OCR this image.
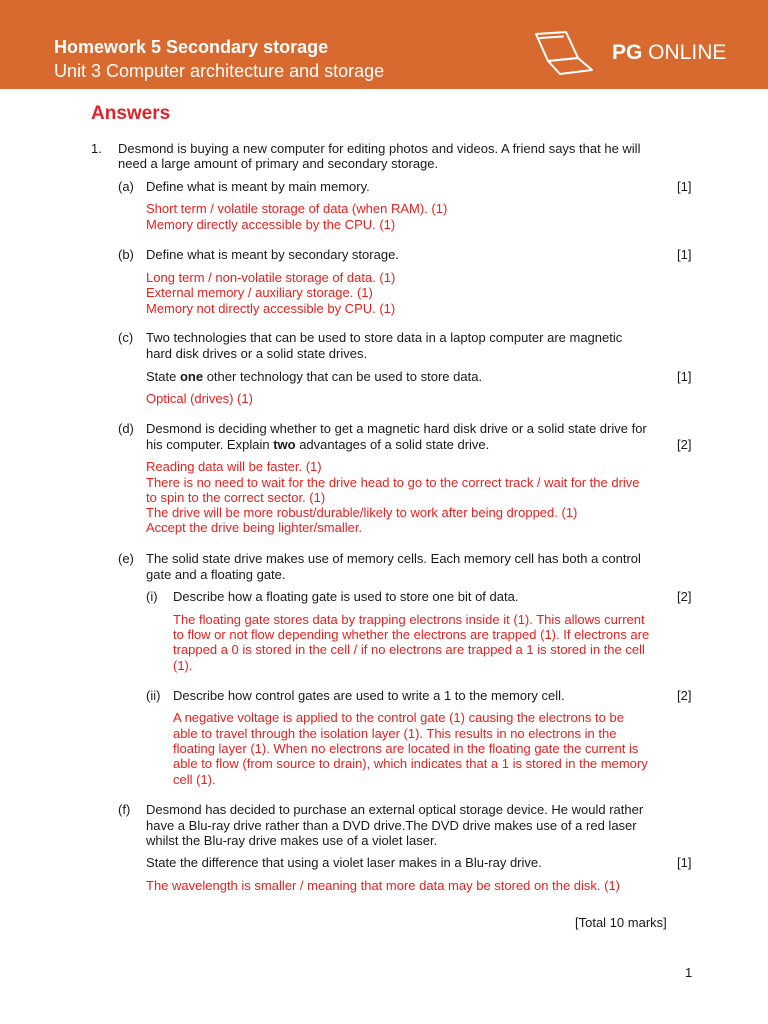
Homework 5 Secondary storage
Unit 3 Computer architecture and storage
PG ONLINE
Answers
1. Desmond is buying a new computer for editing photos and videos. A friend says that he will
need a large amount of primary and secondary storage.
(a) Define what is meant by main memory.	[1]
Short term / volatile storage of data (when RAM). (1)
Memory directly accessible by the CPU. (1)
(b) Define what is meant by secondary storage.	[1]
Long term / non-volatile storage of data. (1)
External memory / auxiliary storage. (1)
Memory not directly accessible by CPU. (1)
(c) Two technologies that can be used to store data in a laptop computer are magnetic
hard disk drives or a solid state drives.
State one other technology that can be used to store data.	[1]
Optical (drives) (1)
(d) Desmond is deciding whether to get a magnetic hard disk drive or a solid state drive for
his computer. Explain two advantages of a solid state drive.	[2]
Reading data will be faster. (1)
There is no need to wait for the drive head to go to the correct track / wait for the drive
to spin to the correct sector. (1)
The drive will be more robust/durable/likely to work after being dropped. (1)
Accept the drive being lighter/smaller.
(e) The solid state drive makes use of memory cells. Each memory cell has both a control
gate and a floating gate.
(i) Describe how a floating gate is used to store one bit of data.	[2]
The floating gate stores data by trapping electrons inside it (1). This allows current
to flow or not flow depending whether the electrons are trapped (1). If electrons are
trapped a 0 is stored in the cell / if no electrons are trapped a 1 is stored in the cell
(1).
(ii) Describe how control gates are used to write a 1 to the memory cell.	[2]
A negative voltage is applied to the control gate (1) causing the electrons to be
able to travel through the isolation layer (1). This results in no electrons in the
floating layer (1). When no electrons are located in the floating gate the current is
able to flow (from source to drain), which indicates that a 1 is stored in the memory
cell (1).
(f) Desmond has decided to purchase an external optical storage device. He would rather
have a Blu-ray drive rather than a DVD drive.The DVD drive makes use of a red laser
whilst the Blu-ray drive makes use of a violet laser.
State the difference that using a violet laser makes in a Blu-ray drive.	[1]
The wavelength is smaller / meaning that more data may be stored on the disk. (1)
[Total 10 marks]
1
